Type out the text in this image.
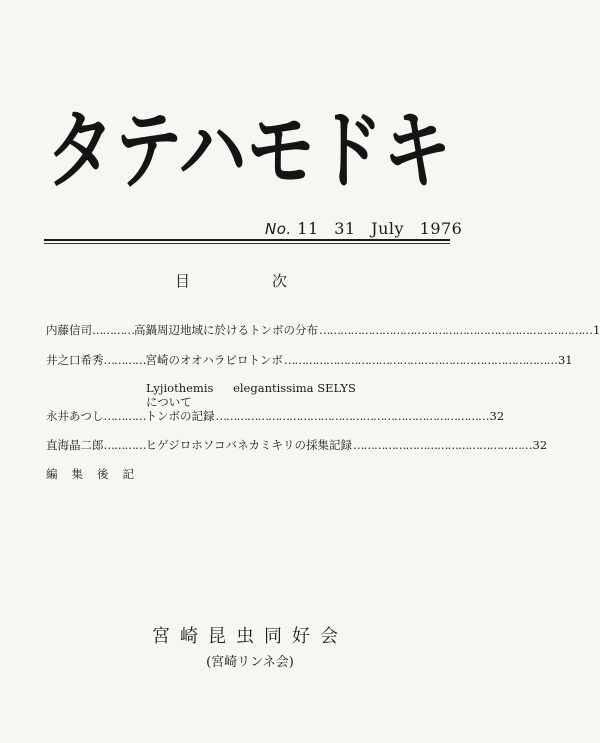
タテハモドキ
No. 11 31 July 1976
目	次
内藤信司 ………… 高鍋周辺地域に於けるトンボの分布 …………………………………………………………………… 1
井之口希秀 ………… 宮崎のオオハラビロトンボ …………………………………………………………………… 31
Lyjiothemis elegantissima SELYS
について
永井あつし ………… トンボの記録 …………………………………………………………………… 32
直海晶二郎 ………… ヒゲジロホソコバネカミキリの採集記録 …………………………………………… 32
編集後記
宮崎昆虫同好会
(宮崎リンネ会)
